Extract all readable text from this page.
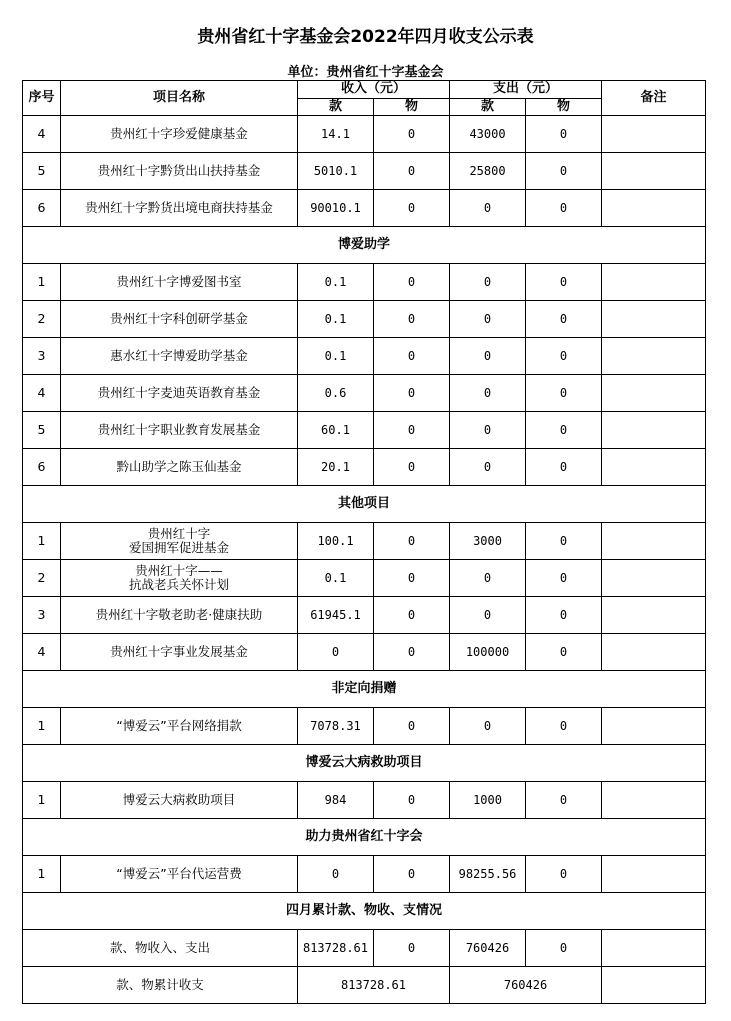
贵州省红十字基金会2022年四月收支公示表
单位：贵州省红十字基金会
序号	项目名称	收入（元）		支出（元）		备注
		款	物	款	物	
4	贵州红十字珍爱健康基金	14.1	0	43000	0	
5	贵州红十字黔货出山扶持基金	5010.1	0	25800	0	
6	贵州红十字黔货出境电商扶持基金	90010.1	0	0	0	
博爱助学						
1	贵州红十字博爱图书室	0.1	0	0	0	
2	贵州红十字科创研学基金	0.1	0	0	0	
3	惠水红十字博爱助学基金	0.1	0	0	0	
4	贵州红十字麦迪英语教育基金	0.6	0	0	0	
5	贵州红十字职业教育发展基金	60.1	0	0	0	
6	黔山助学之陈玉仙基金	20.1	0	0	0	
其他项目						
1	贵州红十字
爱国拥军促进基金	100.1	0	3000	0	
2	贵州红十字——
抗战老兵关怀计划	0.1	0	0	0	
3	贵州红十字敬老助老·健康扶助	61945.1	0	0	0	
4	贵州红十字事业发展基金	0	0	100000	0	
非定向捐赠						
1	“博爱云”平台网络捐款	7078.31	0	0	0	
博爱云大病救助项目						
1	博爱云大病救助项目	984	0	1000	0	
助力贵州省红十字会						
1	“博爱云”平台代运营费	0	0	98255.56	0	
四月累计款、物收、支情况						
款、物收入、支出		813728.61	0	760426	0	
款、物累计收支		813728.61		760426		
